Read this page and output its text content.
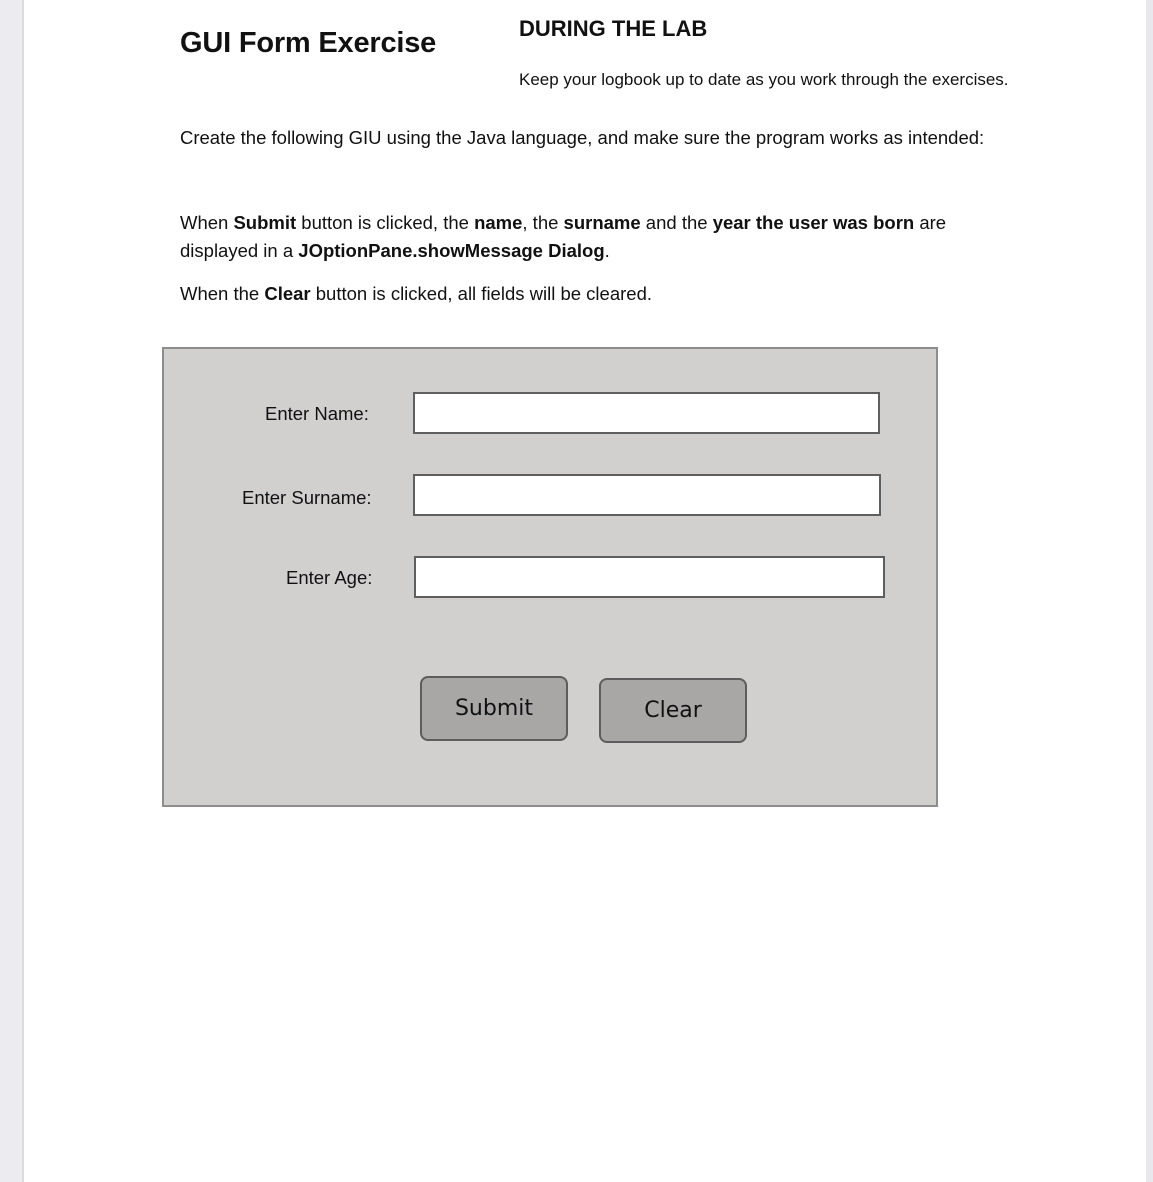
GUI Form Exercise	DURING THE LAB
Keep your logbook up to date as you work through the exercises.
Create the following GIU using the Java language, and make sure the program works as intended:
When Submit button is clicked, the name, the surname and the year the user was born are
displayed in a JOptionPane.showMessage Dialog.
When the Clear button is clicked, all fields will be cleared.
Enter Name:
Enter Surname:
Enter Age:
Submit	Clear
